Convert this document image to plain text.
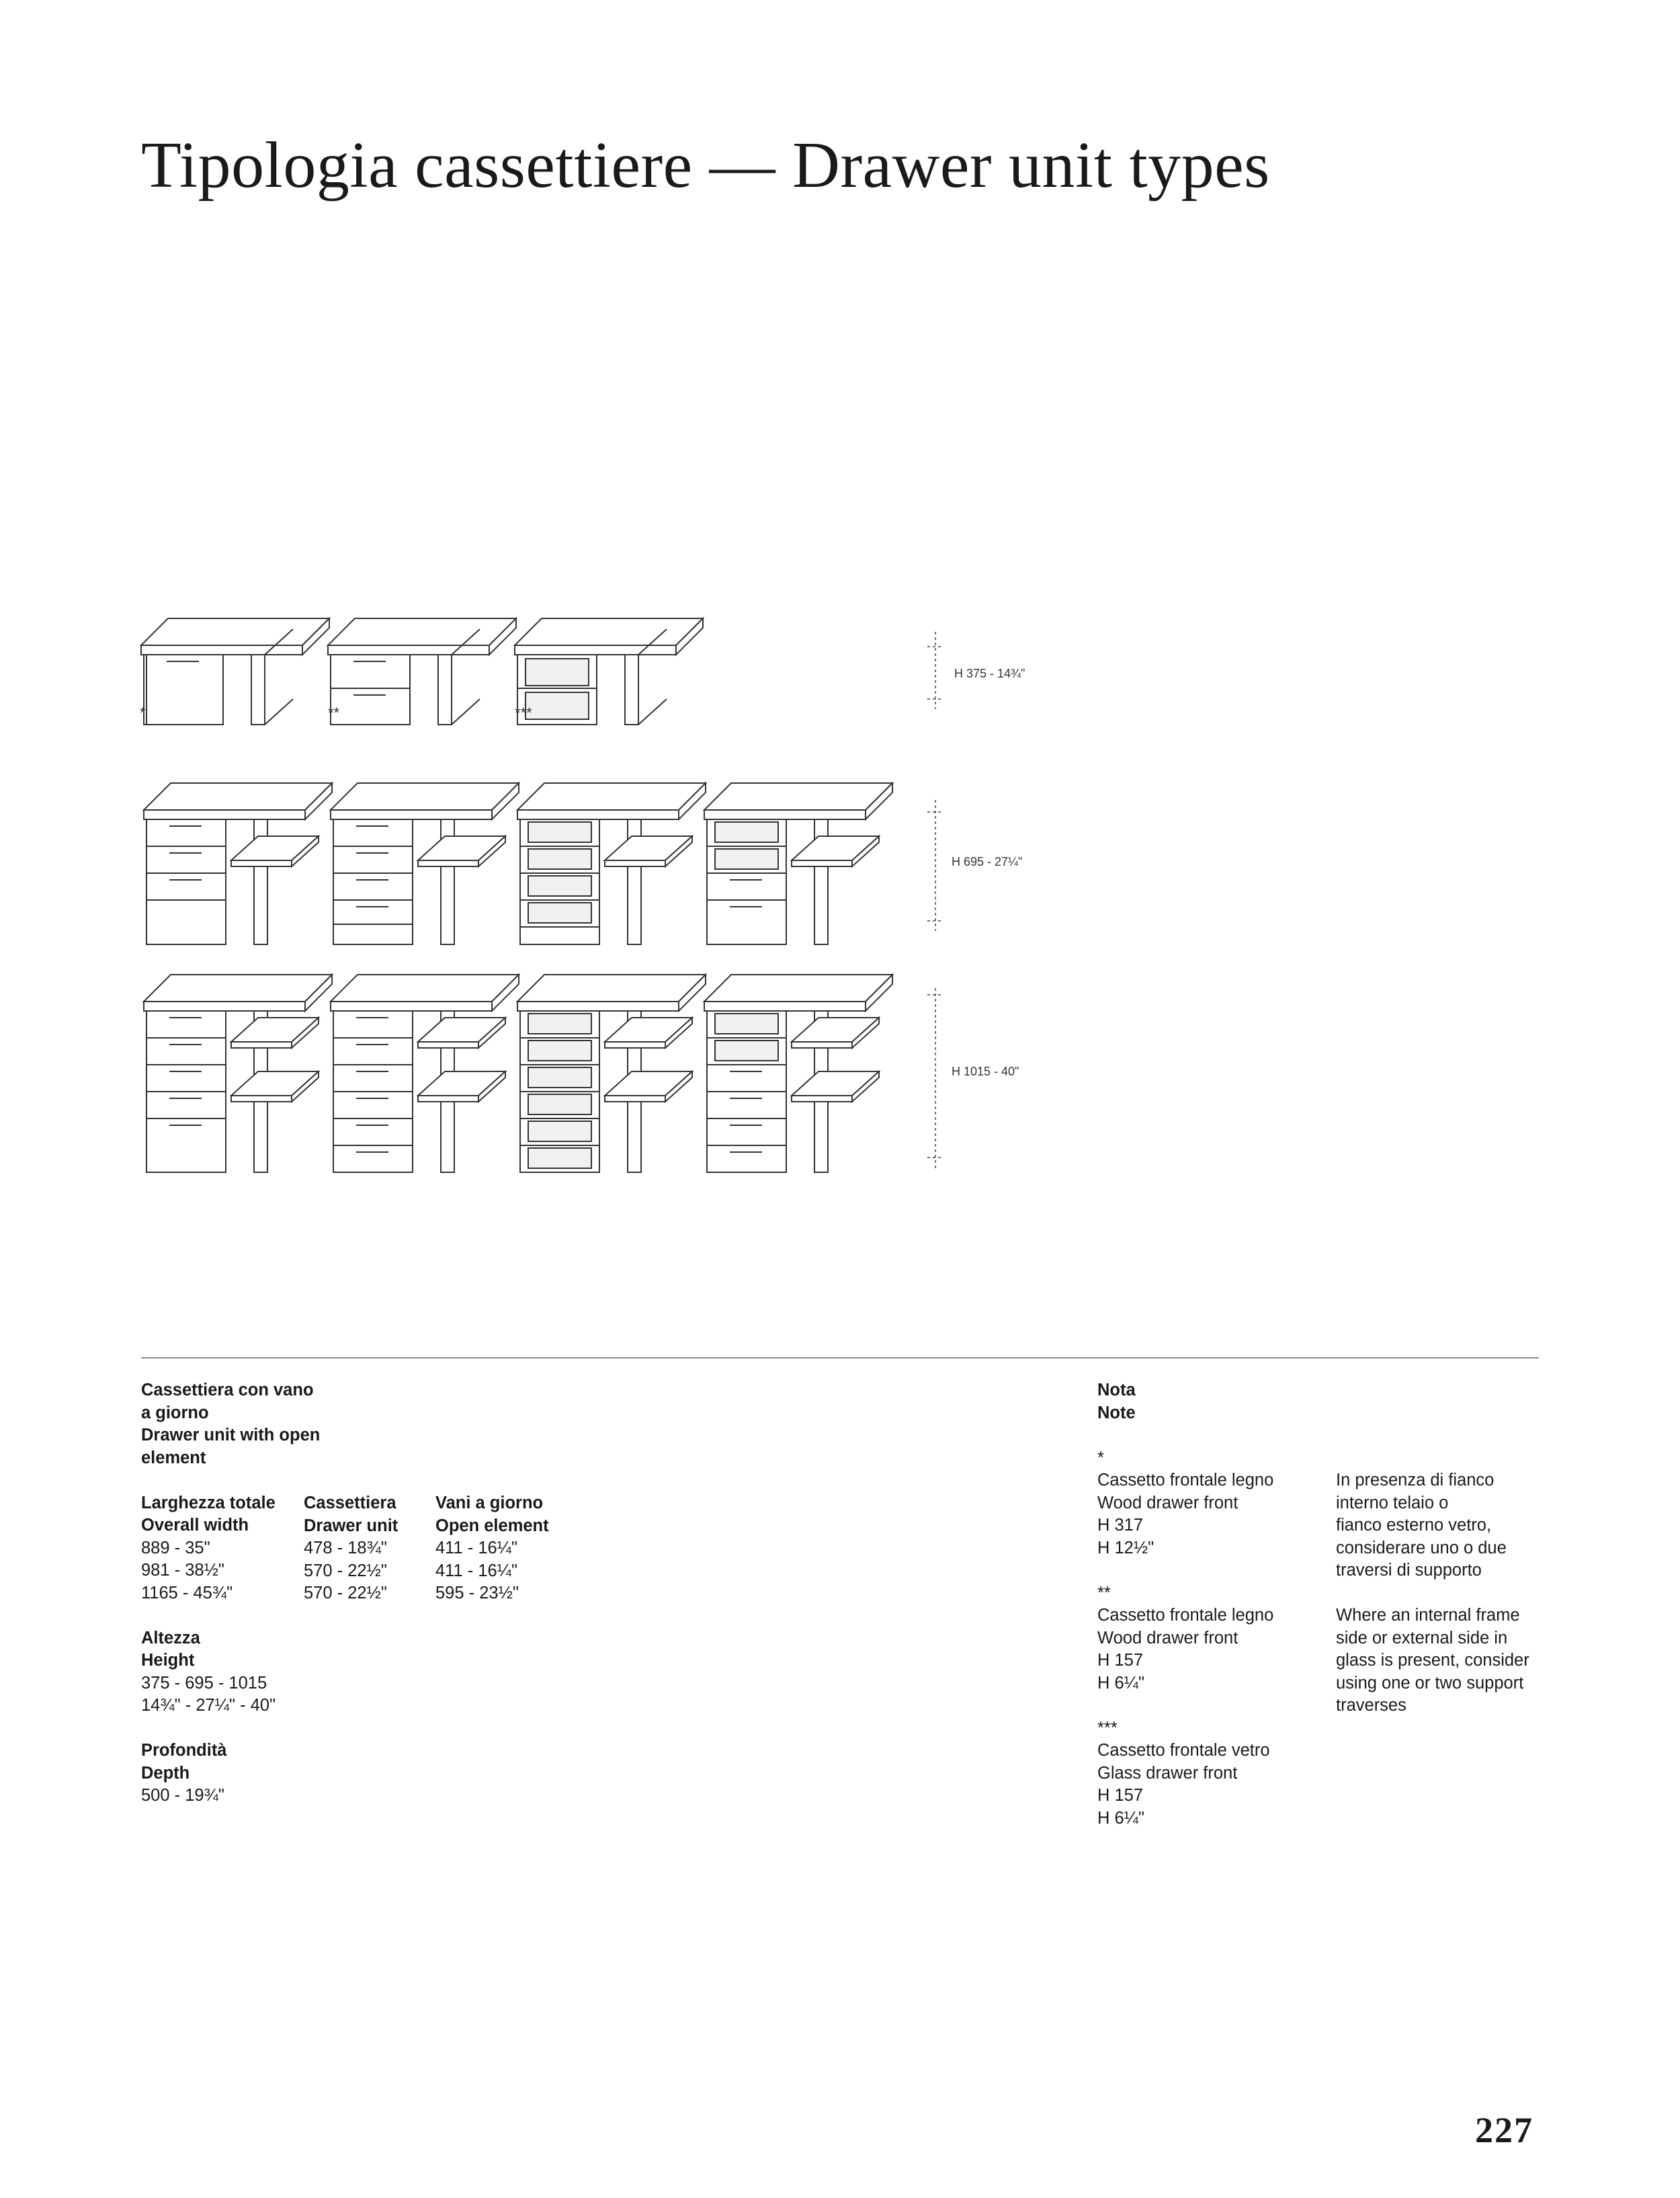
Tipologia cassettiere — Drawer unit types
*	**	***
H 375 - 14¾"
H 695 - 27¼"
H 1015 - 40"
Cassettiera con vano
a giorno
Drawer unit with open
element
Larghezza totale
Overall width
889 - 35"
981 - 38½"
1165 - 45¾"
Altezza
Height
375 - 695 - 1015
14¾" - 27¼" - 40"
Profondità
Depth
500 - 19¾"
Cassettiera
Drawer unit
478 - 18¾"
570 - 22½"
570 - 22½"
Vani a giorno
Open element
411 - 16¼"
411 - 16¼"
595 - 23½"
Nota
Note
*
Cassetto frontale legno
Wood drawer front
H 317
H 12½"
**
Cassetto frontale legno
Wood drawer front
H 157
H 6¼"
***
Cassetto frontale vetro
Glass drawer front
H 157
H 6¼"
In presenza di fianco
interno telaio o
fianco esterno vetro,
considerare uno o due
traversi di supporto
Where an internal frame
side or external side in
glass is present, consider
using one or two support
traverses
227
